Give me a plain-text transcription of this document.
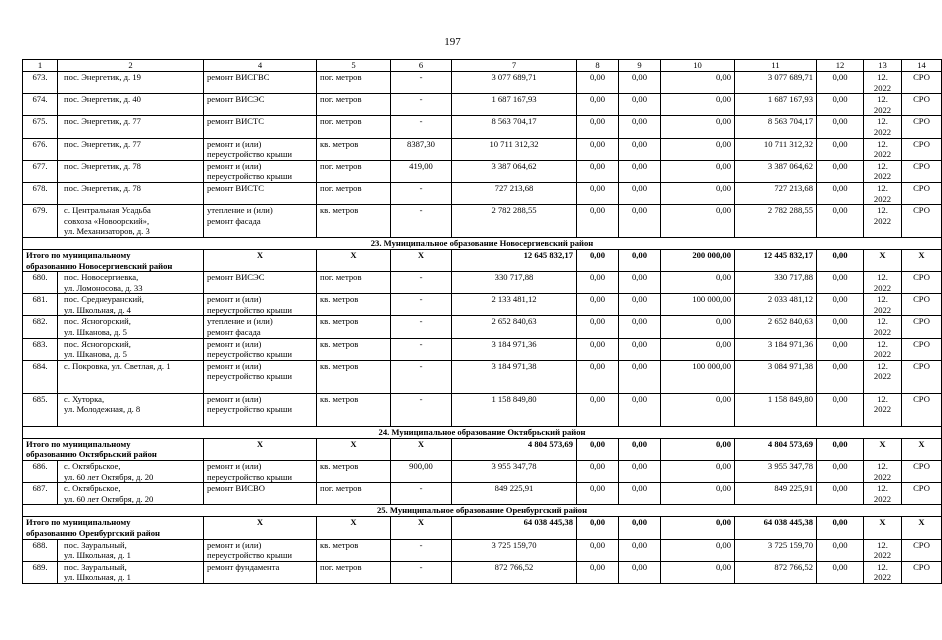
197
1	2	4	5	6	7	8	9	10	11	12	13	14
673.	пос. Энергетик, д. 19	ремонт ВИСГВС	пог. метров	-	3 077 689,71	0,00	0,00	0,00	3 077 689,71	0,00	12.
2022	СРО
674.	пос. Энергетик, д. 40	ремонт ВИСЭС	пог. метров	-	1 687 167,93	0,00	0,00	0,00	1 687 167,93	0,00	12.
2022	СРО
675.	пос. Энергетик, д. 77	ремонт ВИСТС	пог. метров	-	8 563 704,17	0,00	0,00	0,00	8 563 704,17	0,00	12.
2022	СРО
676.	пос. Энергетик, д. 77	ремонт и (или)
переустройство крыши	кв. метров	8387,30	10 711 312,32	0,00	0,00	0,00	10 711 312,32	0,00	12.
2022	СРО
677.	пос. Энергетик, д. 78	ремонт и (или)
переустройство крыши	пог. метров	419,00	3 387 064,62	0,00	0,00	0,00	3 387 064,62	0,00	12.
2022	СРО
678.	пос. Энергетик, д. 78	ремонт ВИСТС	пог. метров	-	727 213,68	0,00	0,00	0,00	727 213,68	0,00	12.
2022	СРО
679.	с. Центральная Усадьба
совхоза «Новоорский»,
ул. Механизаторов, д. 3	утепление и (или)
ремонт фасада	кв. метров	-	2 782 288,55	0,00	0,00	0,00	2 782 288,55	0,00	12.
2022	СРО
23. Муниципальное образование Новосергиевский район												
Итого по муниципальному
образованию Новосергиевский район		Х	Х	Х	12 645 832,17	0,00	0,00	200 000,00	12 445 832,17	0,00	Х	Х
680.	пос. Новосергиевка,
ул. Ломоносова, д. 33	ремонт ВИСЭС	пог. метров	-	330 717,88	0,00	0,00	0,00	330 717,88	0,00	12.
2022	СРО
681.	пос. Среднеуранский,
ул. Школьная, д. 4	ремонт и (или)
переустройство крыши	кв. метров	-	2 133 481,12	0,00	0,00	100 000,00	2 033 481,12	0,00	12.
2022	СРО
682.	пос. Ясногорский,
ул. Шканова, д. 5	утепление и (или)
ремонт фасада	кв. метров	-	2 652 840,63	0,00	0,00	0,00	2 652 840,63	0,00	12.
2022	СРО
683.	пос. Ясногорский,
ул. Шканова, д. 5	ремонт и (или)
переустройство крыши	кв. метров	-	3 184 971,36	0,00	0,00	0,00	3 184 971,36	0,00	12.
2022	СРО
684.	с. Покровка, ул. Светлая, д. 1	ремонт и (или)
переустройство крыши	кв. метров	-	3 184 971,38	0,00	0,00	100 000,00	3 084 971,38	0,00	12.
2022	СРО
685.	с. Хуторка,
ул. Молодежная, д. 8	ремонт и (или)
переустройство крыши	кв. метров	-	1 158 849,80	0,00	0,00	0,00	1 158 849,80	0,00	12.
2022	СРО
24. Муниципальное образование Октябрьский район												
Итого по муниципальному
образованию Октябрьский район		Х	Х	Х	4 804 573,69	0,00	0,00	0,00	4 804 573,69	0,00	Х	Х
686.	с. Октябрьское,
ул. 60 лет Октября, д. 20	ремонт и (или)
переустройство крыши	кв. метров	900,00	3 955 347,78	0,00	0,00	0,00	3 955 347,78	0,00	12.
2022	СРО
687.	с. Октябрьское,
ул. 60 лет Октября, д. 20	ремонт ВИСВО	пог. метров	-	849 225,91	0,00	0,00	0,00	849 225,91	0,00	12.
2022	СРО
25. Муниципальное образование Оренбургский район												
Итого по муниципальному
образованию Оренбургский район		Х	Х	Х	64 038 445,38	0,00	0,00	0,00	64 038 445,38	0,00	Х	Х
688.	пос. Зауральный,
ул. Школьная, д. 1	ремонт и (или)
переустройство крыши	кв. метров	-	3 725 159,70	0,00	0,00	0,00	3 725 159,70	0,00	12.
2022	СРО
689.	пос. Зауральный,
ул. Школьная, д. 1	ремонт фундамента	пог. метров	-	872 766,52	0,00	0,00	0,00	872 766,52	0,00	12.
2022	СРО
